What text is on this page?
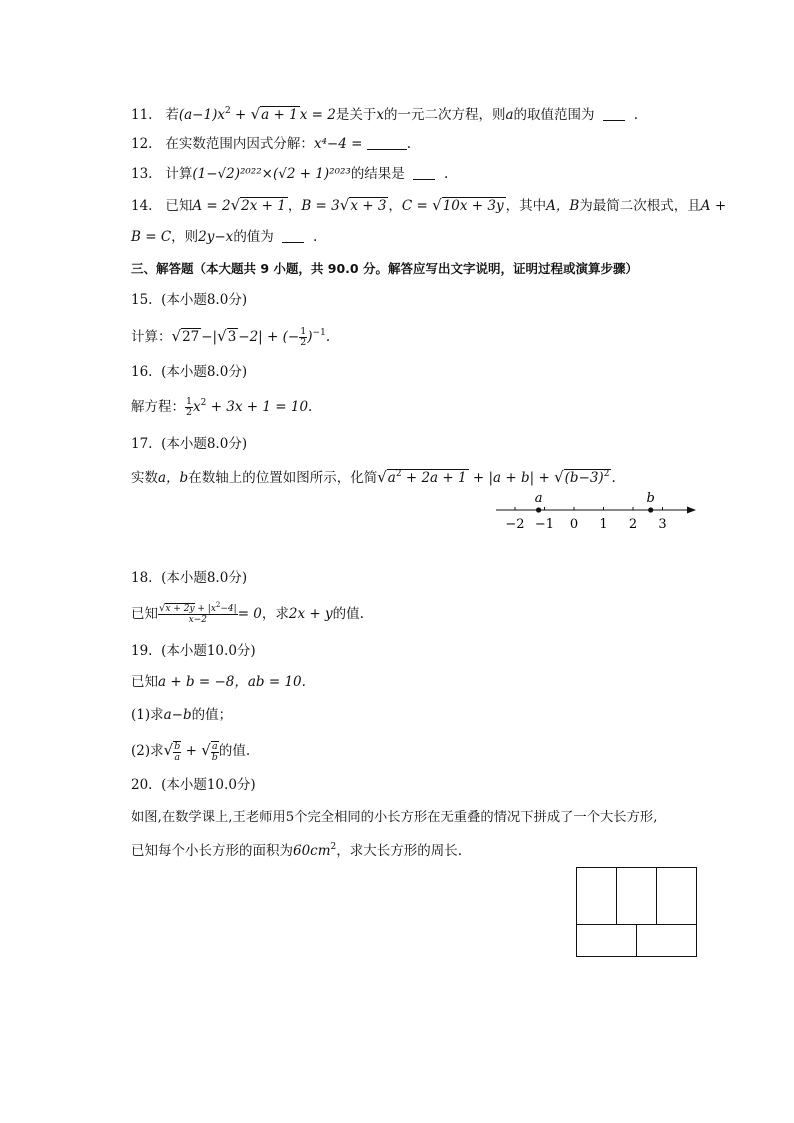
11. 若$(a-1)x^2 + √a + 1$ x = 2是关于x的一元二次方程，则a的取值范围为	.
12. 在实数范围内因式分解：x⁴−4 =	.
13. 计算(1−√2)²⁰²²×(√2 + 1)²⁰²³的结果是	.
14. 已知A = 2√2x + 1 ，B = 3√x + 3 ，C = √10x + 3y ，其中A，B为最简二次根式，且A +
B = C，则2y−x的值为	.
三、解答题（本大题共 9 小题，共 90.0 分。解答应写出文字说明，证明过程或演算步骤）
15. (本小题8.0分)
计算：√27 −|√3 −2| + (− $\frac{1}{2} )^{-1}$.
16. (本小题8.0分)
解方程： $\frac{1}{2} x^2 + 3x + 1 = 10$.
17. (本小题8.0分)
实数a，b在数轴上的位置如图所示，化简$√a^2 + 2a + 1 + |a + b| + √(b-3)^2$ .
−2 −1 0 1 2 3
a	b
18. (本小题8.0分)
已知 $\frac{√x + 2y + |x^2-4|}{x-2} = 0$，求2x + y的值.
19. (本小题10.0分)
已知a + b = −8，ab = 10.
(1)求a−b的值；
(2)求√ $\frac{b}{a}$ + √ $\frac{a}{b}$ 的值.
20. (本小题10.0分)
如图,在数学课上,王老师用5个完全相同的小长方形在无重叠的情况下拼成了一个大长方形,
已知每个小长方形的面积为$60cm^2$，求大长方形的周长.
